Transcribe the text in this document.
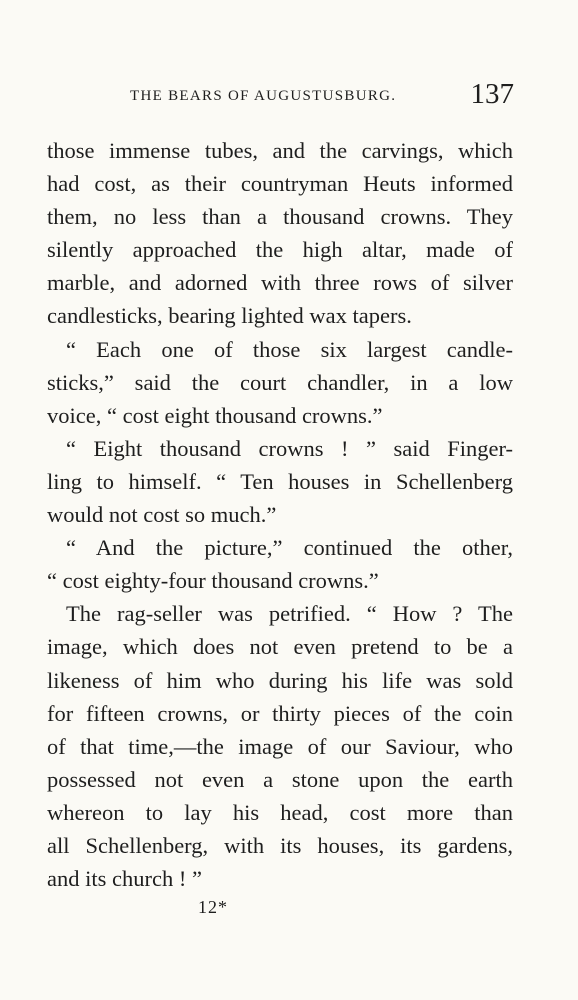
THE BEARS OF AUGUSTUSBURG.	137
those immense tubes, and the carvings, which
had cost, as their countryman Heuts informed
them, no less than a thousand crowns. They
silently approached the high altar, made of
marble, and adorned with three rows of silver
candlesticks, bearing lighted wax tapers.
“ Each one of those six largest candle-
sticks,” said the court chandler, in a low
voice, “ cost eight thousand crowns.”
“ Eight thousand crowns ! ” said Finger-
ling to himself. “ Ten houses in Schellenberg
would not cost so much.”
“ And the picture,” continued the other,
“ cost eighty-four thousand crowns.”
The rag-seller was petrified. “ How ? The
image, which does not even pretend to be a
likeness of him who during his life was sold
for fifteen crowns, or thirty pieces of the coin
of that time,—the image of our Saviour, who
possessed not even a stone upon the earth
whereon to lay his head, cost more than
all Schellenberg, with its houses, its gardens,
and its church ! ”
12*
